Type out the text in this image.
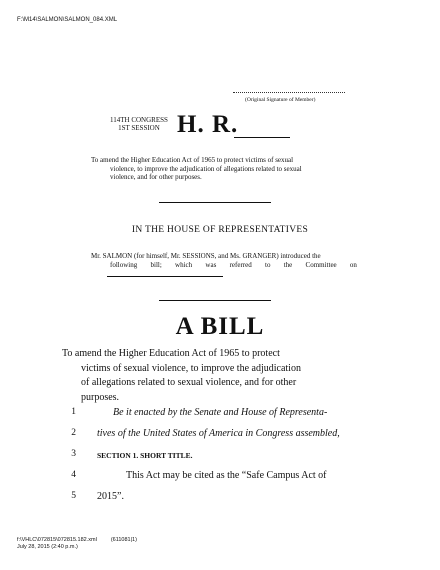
F:\M14\SALMON\SALMON_084.XML
(Original Signature of Member)
114TH CONGRESS
1ST SESSION H. R.
To amend the Higher Education Act of 1965 to protect victims of sexual
violence, to improve the adjudication of allegations related to sexual
violence, and for other purposes.
IN THE HOUSE OF REPRESENTATIVES
Mr. SALMON (for himself, Mr. SESSIONS, and Ms. GRANGER) introduced the
following bill; which was referred to the Committee on
A BILL
To amend the Higher Education Act of 1965 to protect
victims of sexual violence, to improve the adjudication
of allegations related to sexual violence, and for other
purposes.
1	Be it enacted by the Senate and House of Representa-
2 tives of the United States of America in Congress assembled,
3	SECTION 1. SHORT TITLE.
4	This Act may be cited as the “Safe Campus Act of
5 2015”.
f:\VHLC\072815\072815.182.xml	(611081|1)
July 28, 2015 (2:40 p.m.)
